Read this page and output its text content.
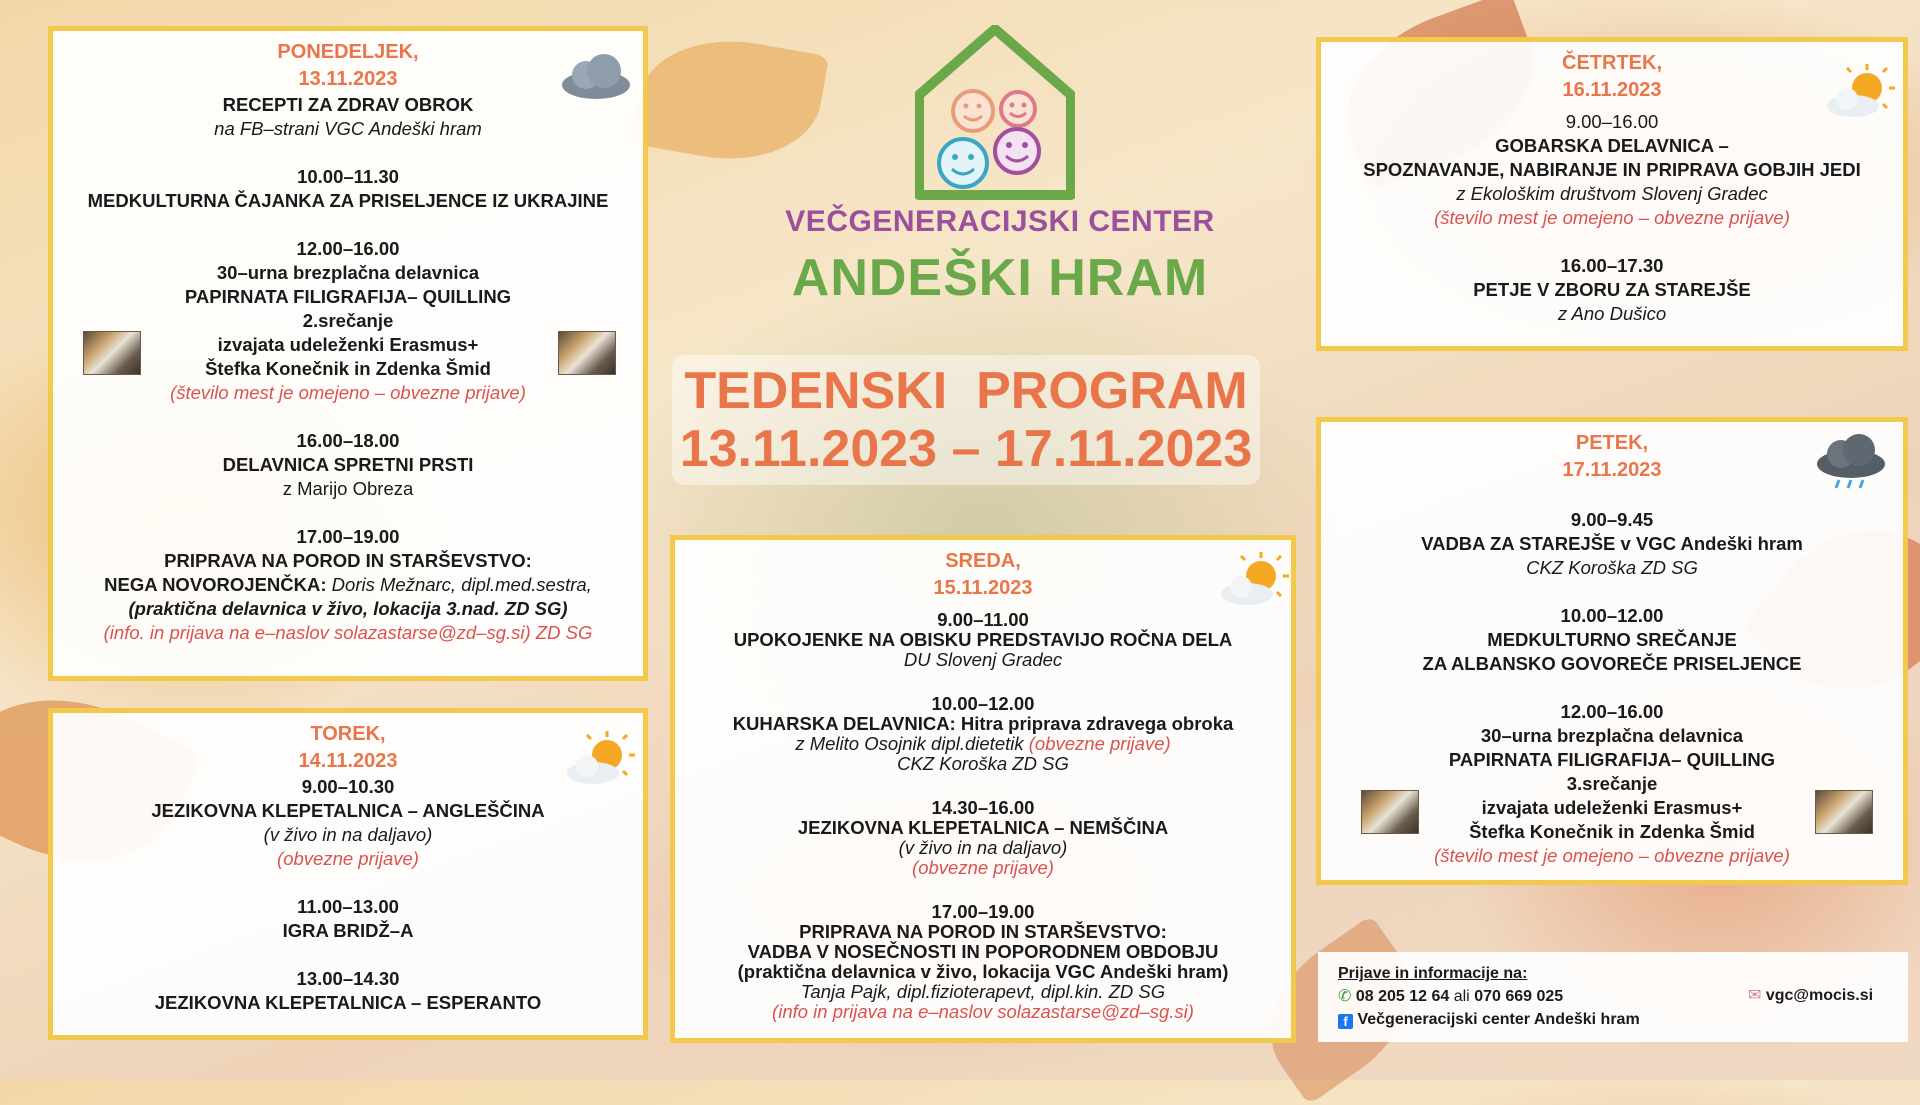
VEČGENERACIJSKI CENTER
ANDEŠKI HRAM
TEDENSKI  PROGRAM
13.11.2023 – 17.11.2023
PONEDELJEK,
13.11.2023
RECEPTI ZA ZDRAV OBROK
na FB–strani VGC Andeški hram
10.00–11.30
MEDKULTURNA ČAJANKA ZA PRISELJENCE IZ UKRAJINE
12.00–16.00
30–urna brezplačna delavnica
PAPIRNATA FILIGRAFIJA– QUILLING
2.srečanje
izvajata udeleženki Erasmus+
Štefka Konečnik in Zdenka Šmid
(število mest je omejeno – obvezne prijave)
16.00–18.00
DELAVNICA SPRETNI PRSTI
z Marijo Obreza
17.00–19.00
PRIPRAVA NA POROD IN STARŠEVSTVO:
NEGA NOVOROJENČKA: Doris Mežnarc, dipl.med.sestra,
(praktična delavnica v živo, lokacija 3.nad. ZD SG)
(info. in prijava na e–naslov solazastarse@zd–sg.si) ZD SG
TOREK,
14.11.2023
9.00–10.30
JEZIKOVNA KLEPETALNICA – ANGLEŠČINA
(v živo in na daljavo)
(obvezne prijave)
11.00–13.00
IGRA BRIDŽ–A
13.00–14.30
JEZIKOVNA KLEPETALNICA – ESPERANTO
SREDA,
15.11.2023
9.00–11.00
UPOKOJENKE NA OBISKU PREDSTAVIJO ROČNA DELA
DU Slovenj Gradec
10.00–12.00
KUHARSKA DELAVNICA: Hitra priprava zdravega obroka
z Melito Osojnik dipl.dietetik (obvezne prijave)
CKZ Koroška ZD SG
14.30–16.00
JEZIKOVNA KLEPETALNICA – NEMŠČINA
(v živo in na daljavo)
(obvezne prijave)
17.00–19.00
PRIPRAVA NA POROD IN STARŠEVSTVO:
VADBA V NOSEČNOSTI IN POPORODNEM OBDOBJU
(praktična delavnica v živo, lokacija VGC Andeški hram)
Tanja Pajk, dipl.fizioterapevt, dipl.kin. ZD SG
(info in prijava na e–naslov solazastarse@zd–sg.si)
ČETRTEK,
16.11.2023
9.00–16.00
GOBARSKA DELAVNICA –
SPOZNAVANJE, NABIRANJE IN PRIPRAVA GOBJIH JEDI
z Ekološkim društvom Slovenj Gradec
(število mest je omejeno – obvezne prijave)
16.00–17.30
PETJE V ZBORU ZA STAREJŠE
z Ano Dušico
PETEK,
17.11.2023
9.00–9.45
VADBA ZA STAREJŠE v VGC Andeški hram
CKZ Koroška ZD SG
10.00–12.00
MEDKULTURNO SREČANJE
ZA ALBANSKO GOVOREČE PRISELJENCE
12.00–16.00
30–urna brezplačna delavnica
PAPIRNATA FILIGRAFIJA– QUILLING
3.srečanje
izvajata udeleženki Erasmus+
Štefka Konečnik in Zdenka Šmid
(število mest je omejeno – obvezne prijave)
Prijave in informacije na:
✆ 08 205 12 64 ali 070 669 025
f Večgeneracijski center Andeški hram
✉ vgc@mocis.si
